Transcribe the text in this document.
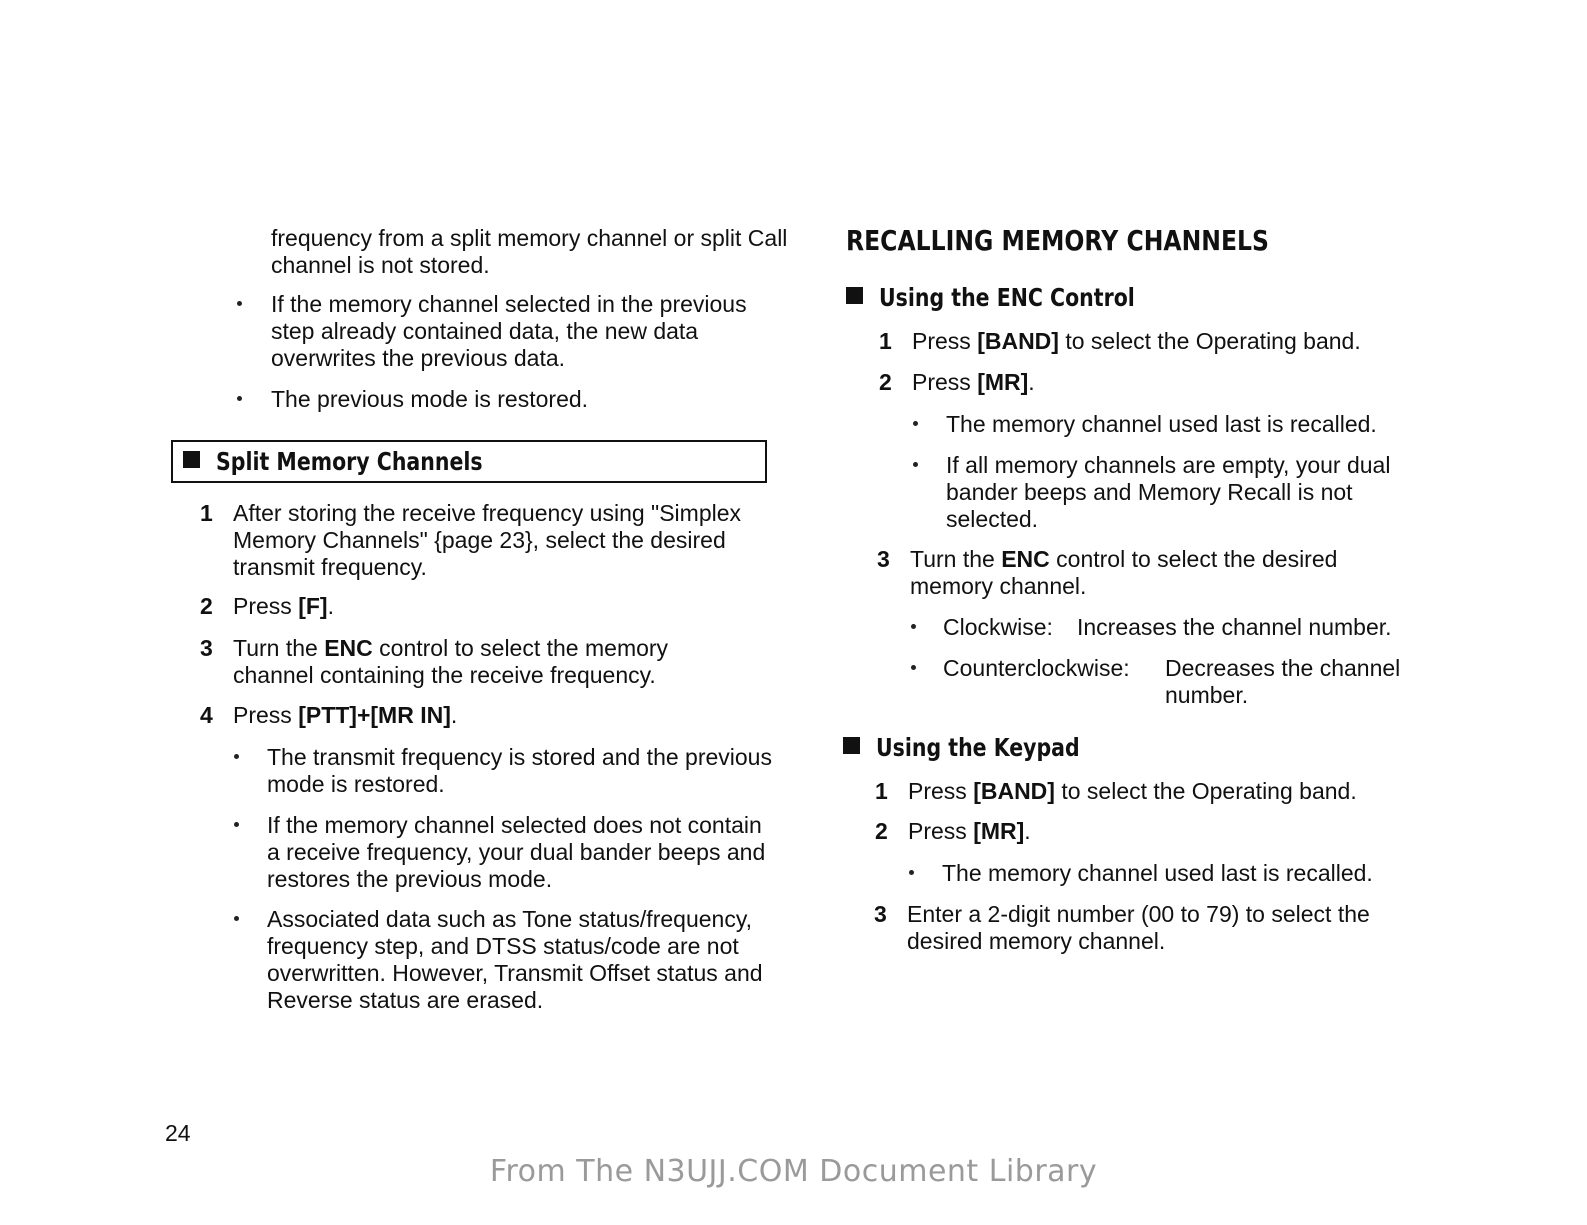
frequency from a split memory channel or split Call channel is not stored.

If the memory channel selected in the previous step already contained data, the new data overwrites the previous data.

The previous mode is restored.

Split Memory Channels
1 After storing the receive frequency using "Simplex Memory Channels" {page 23}, select the desired transmit frequency.

2 Press [F].

3 Turn the ENC control to select the memory channel containing the receive frequency.

4 Press [PTT]+[MR IN].

The transmit frequency is stored and the previous mode is restored.

If the memory channel selected does not contain a receive frequency, your dual bander beeps and restores the previous mode.

Associated data such as Tone status/frequency, frequency step, and DTSS status/code are not overwritten. However, Transmit Offset status and Reverse status are erased.

RECALLING MEMORY CHANNELS
Using the ENC Control
1 Press [BAND] to select the Operating band.

2 Press [MR].

The memory channel used last is recalled.

If all memory channels are empty, your dual bander beeps and Memory Recall is not selected.

3 Turn the ENC control to select the desired memory channel.

Clockwise: Increases the channel number.
Counterclockwise: Decreases the channel number.

Using the Keypad
1 Press [BAND] to select the Operating band.

2 Press [MR].

The memory channel used last is recalled.

3 Enter a 2-digit number (00 to 79) to select the desired memory channel.

24
From The N3UJJ.COM Document Library
